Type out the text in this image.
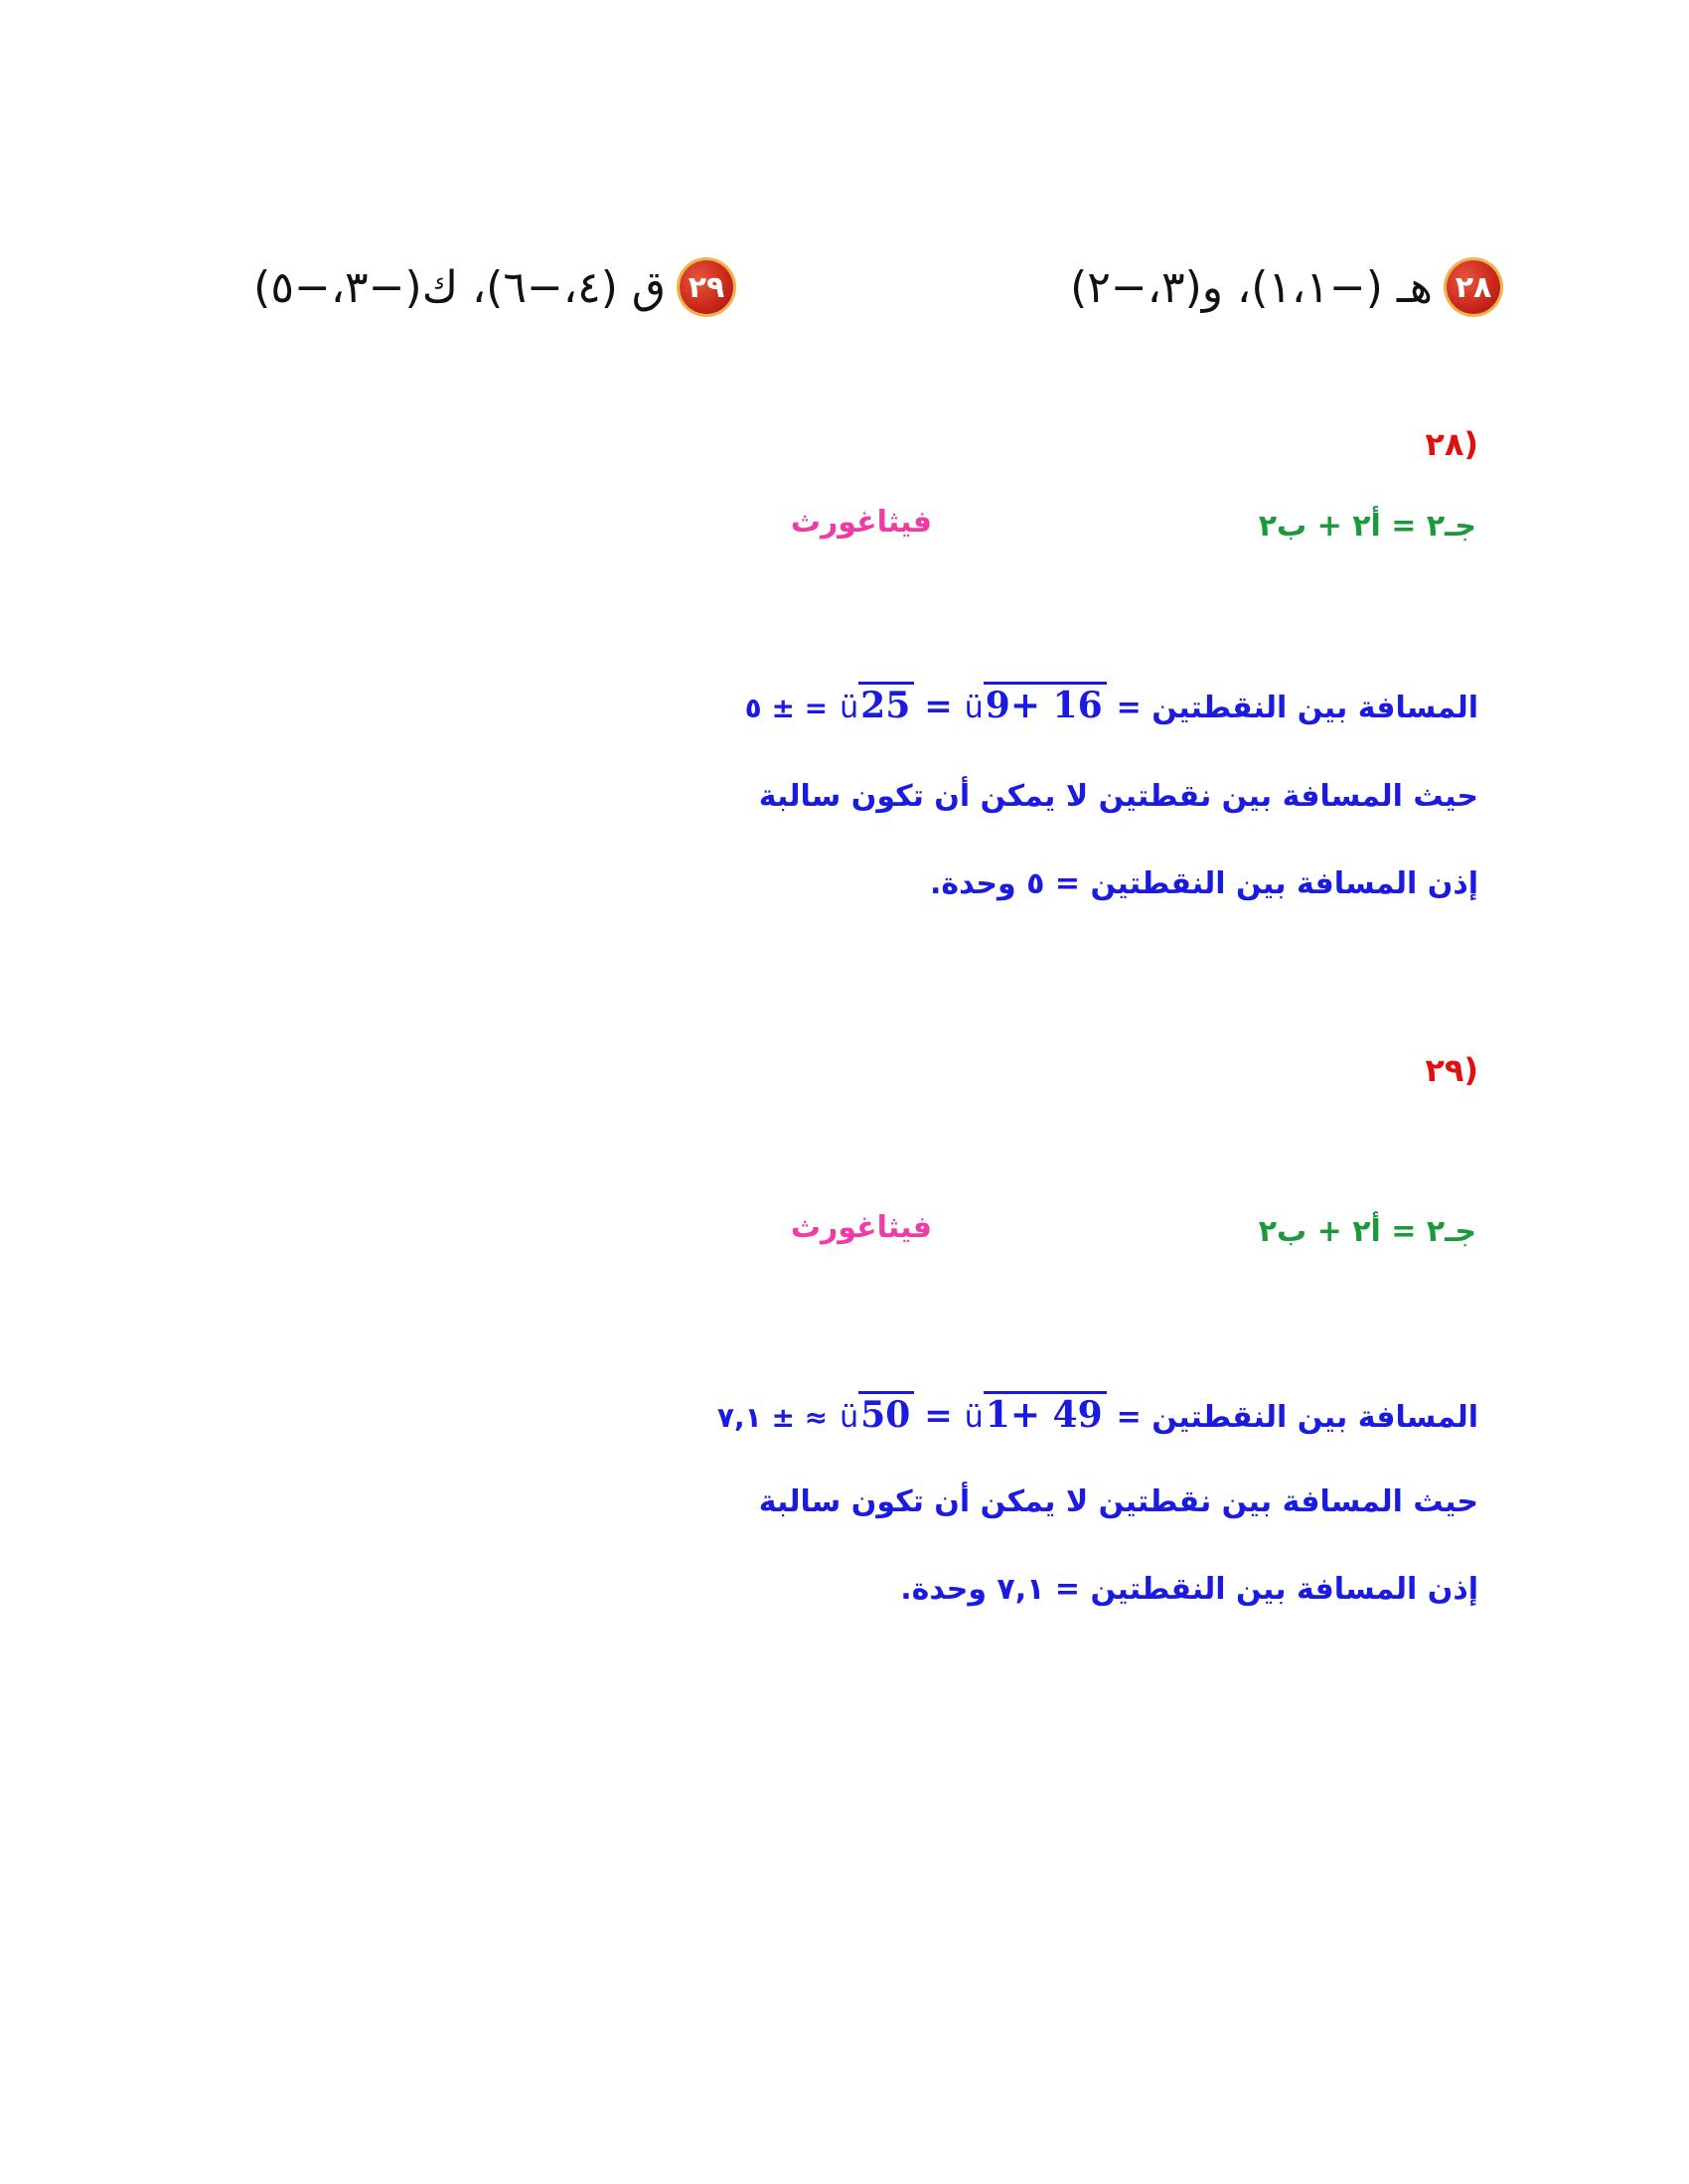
٢٨
هـ (−١،١)، و(٣،−٢)
٢٩
ق (٤،−٦)، ك(−٣،−٥)
(٢٨
جـ٢ = أ٢ + ب٢
فيثاغورث
المسافة بين النقطتين =
ü 9+ 16
=
ü 25
= ± ٥
حيث المسافة بين نقطتين لا يمكن أن تكون سالبة
إذن المسافة بين النقطتين = ٥ وحدة.
(٢٩
جـ٢ = أ٢ + ب٢
فيثاغورث
المسافة بين النقطتين =
ü 1+ 49
=
ü 50
≈ ± ٧,١
حيث المسافة بين نقطتين لا يمكن أن تكون سالبة
إذن المسافة بين النقطتين = ٧,١ وحدة.
